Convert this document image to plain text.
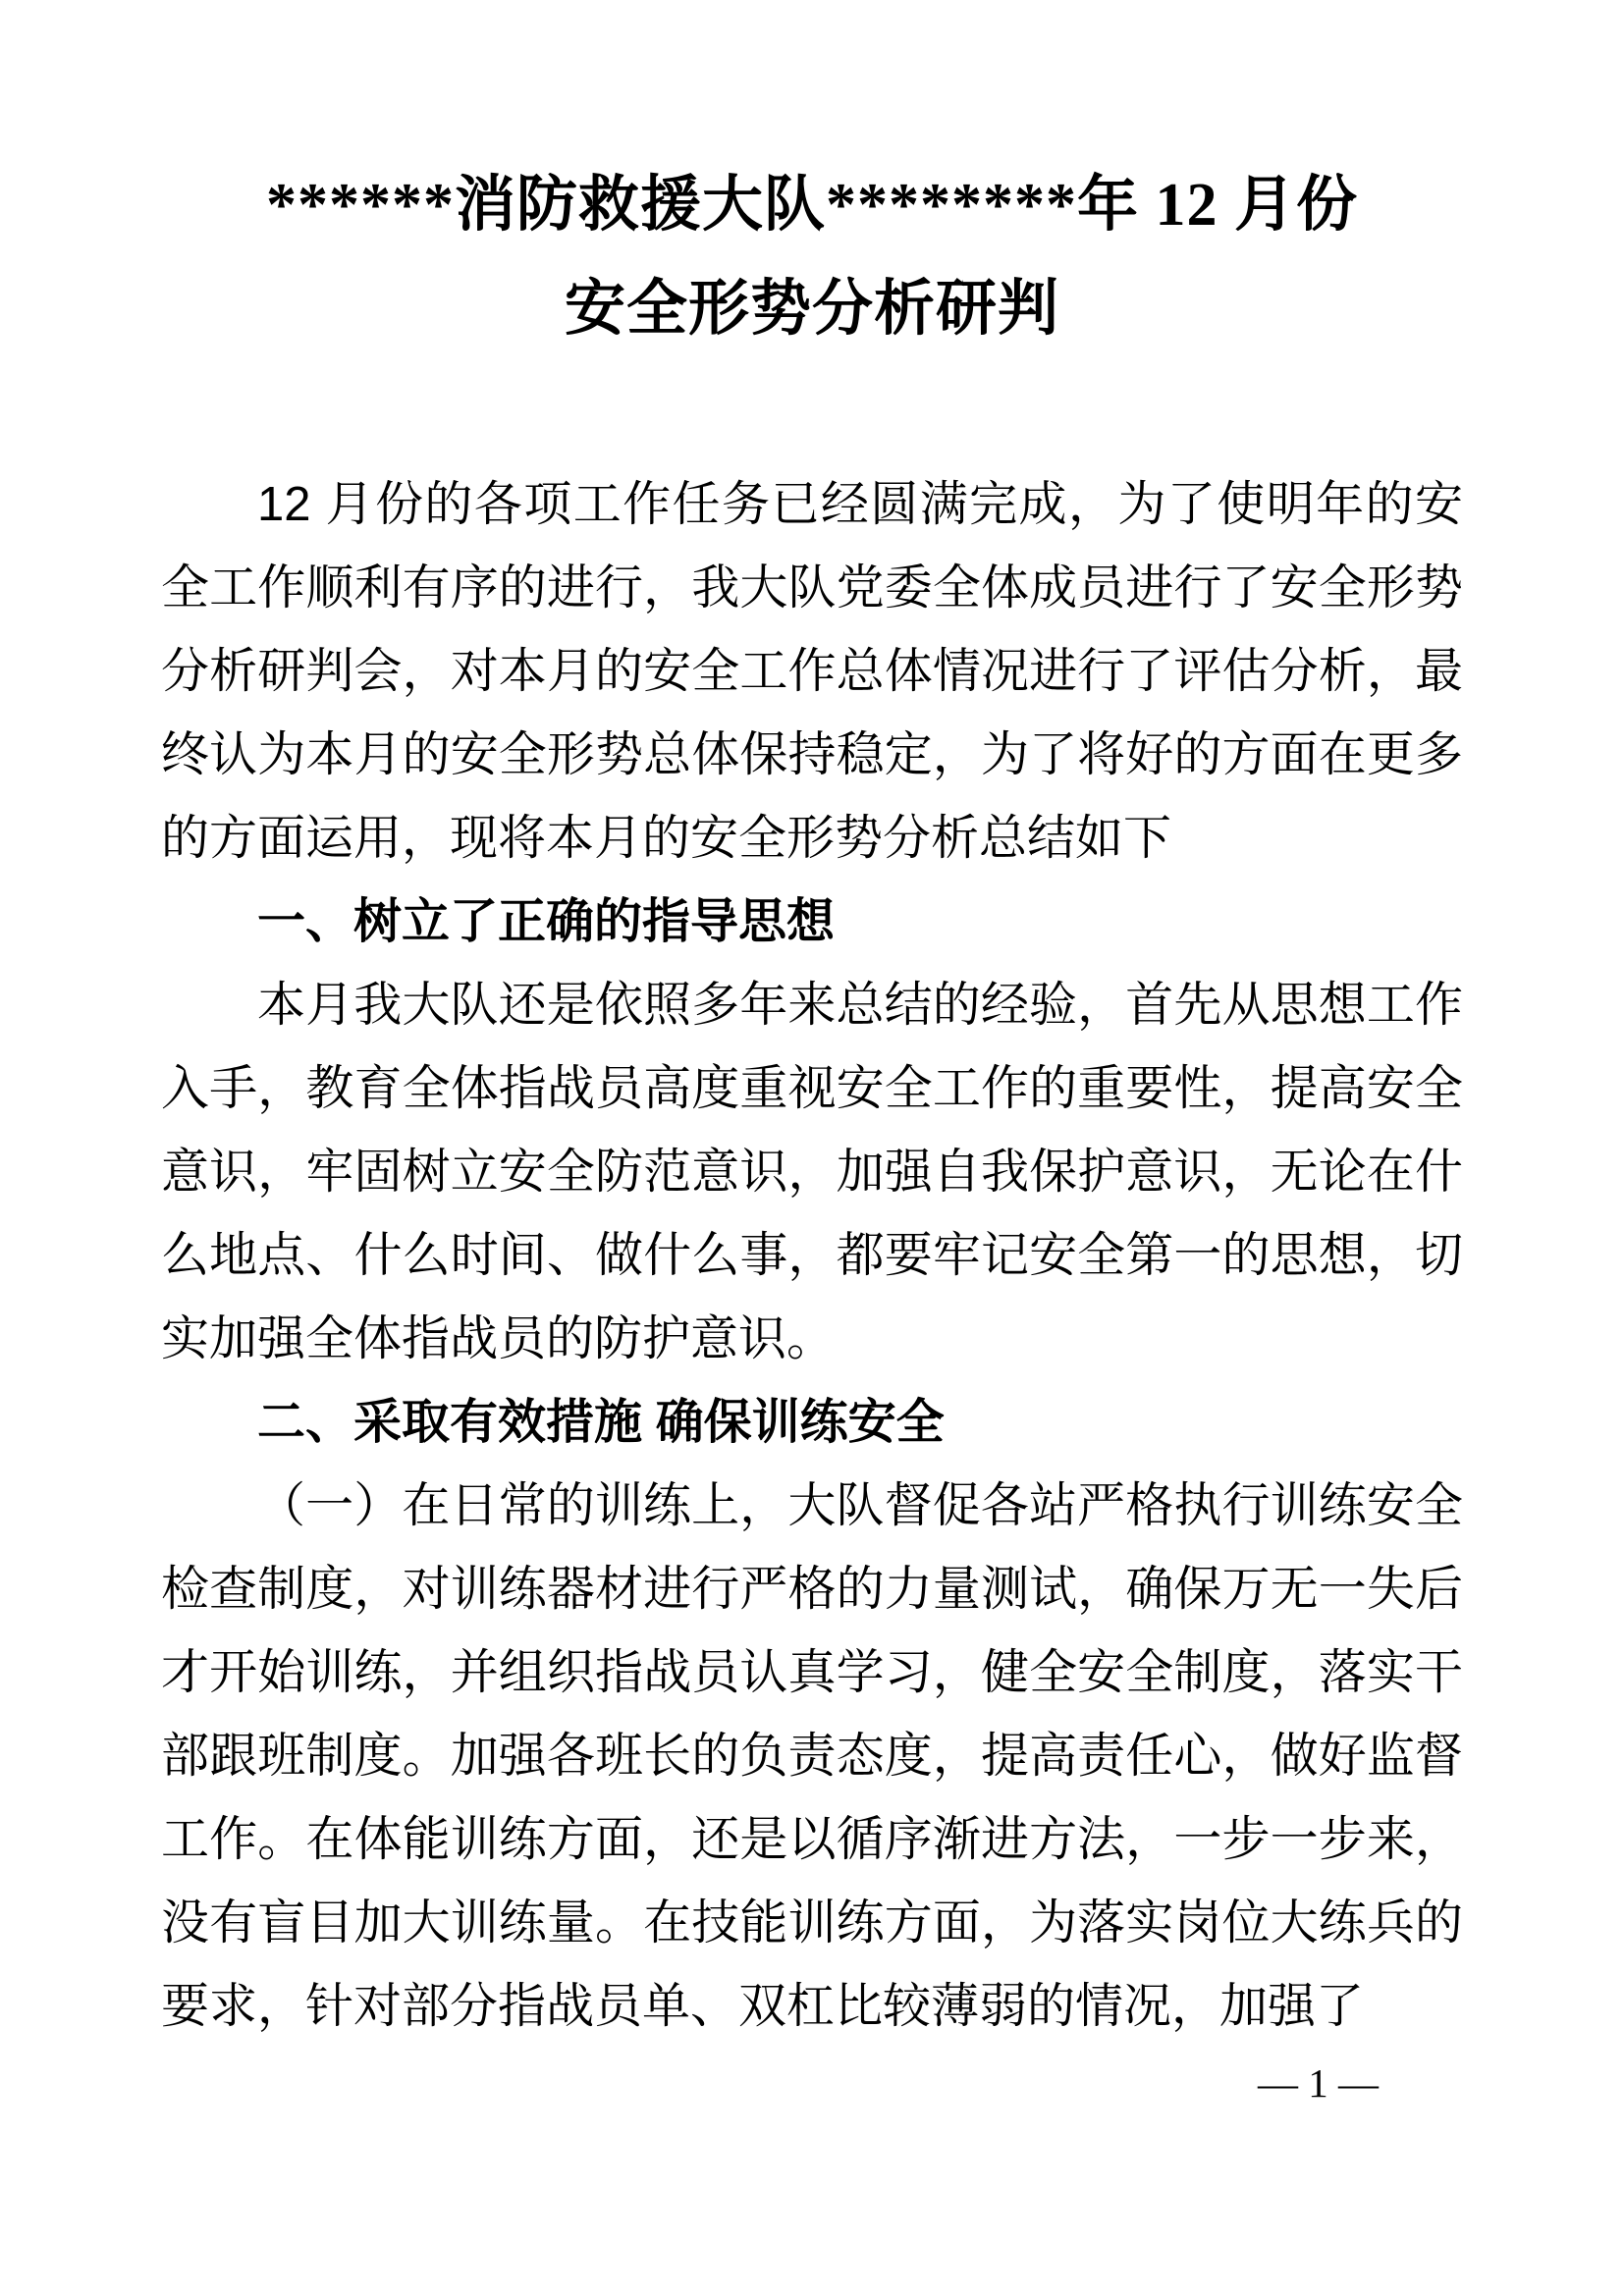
******消防救援大队********年 12 月份
安全形势分析研判

12 月份的各项工作任务已经圆满完成，为了使明年的安全工作顺利有序的进行，我大队党委全体成员进行了安全形势分析研判会，对本月的安全工作总体情况进行了评估分析，最终认为本月的安全形势总体保持稳定，为了将好的方面在更多的方面运用，现将本月的安全形势分析总结如下

一、树立了正确的指导思想

本月我大队还是依照多年来总结的经验，首先从思想工作入手，教育全体指战员高度重视安全工作的重要性，提高安全意识，牢固树立安全防范意识，加强自我保护意识，无论在什么地点、什么时间、做什么事，都要牢记安全第一的思想，切实加强全体指战员的防护意识。

二、采取有效措施 确保训练安全

（一）在日常的训练上，大队督促各站严格执行训练安全检查制度，对训练器材进行严格的力量测试，确保万无一失后才开始训练，并组织指战员认真学习，健全安全制度，落实干部跟班制度。加强各班长的负责态度，提高责任心，做好监督工作。在体能训练方面，还是以循序渐进方法，一步一步来，没有盲目加大训练量。在技能训练方面，为落实岗位大练兵的要求，针对部分指战员单、双杠比较薄弱的情况，加强了

— 1 —
